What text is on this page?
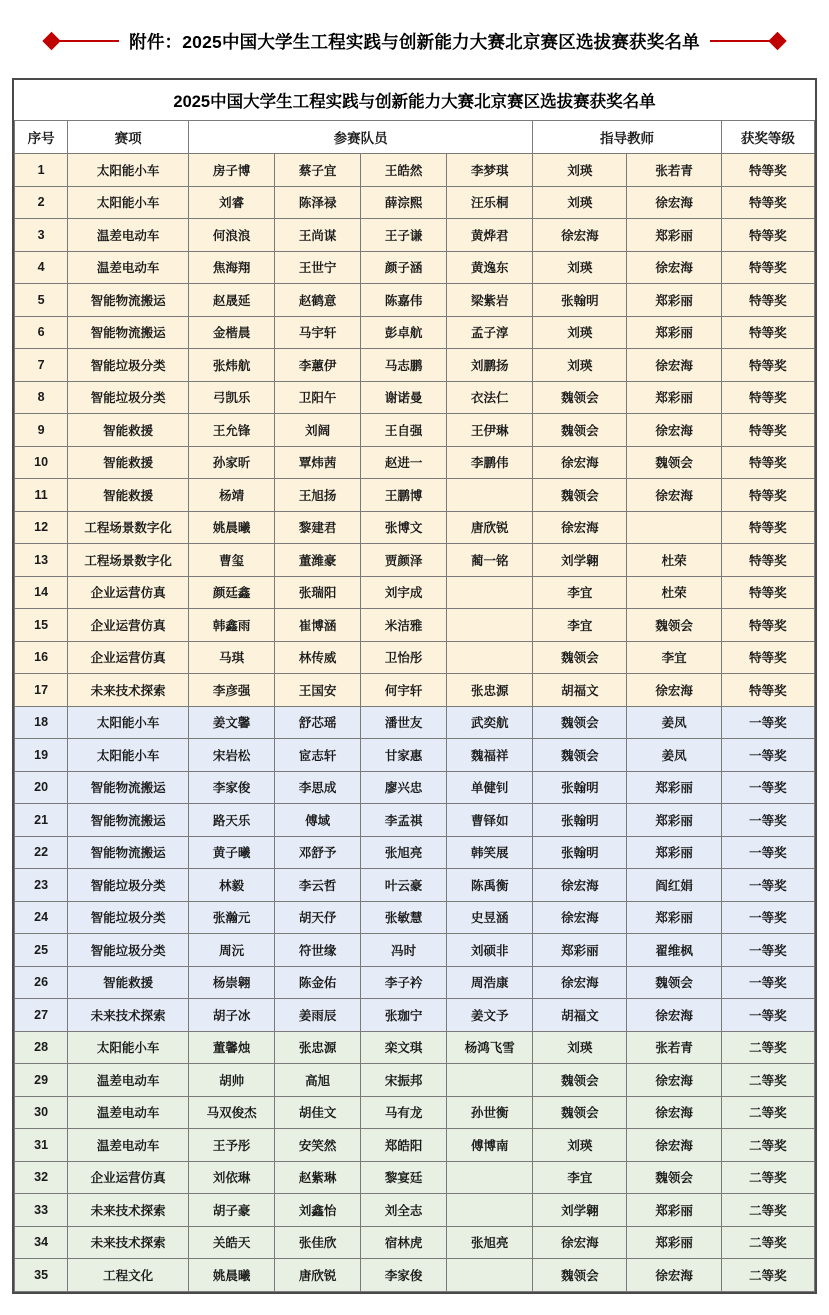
附件：2025中国大学生工程实践与创新能力大赛北京赛区选拔赛获奖名单
2025中国大学生工程实践与创新能力大赛北京赛区选拔赛获奖名单								
序号	赛项	参赛队员				指导教师		获奖等级
1	太阳能小车	房子博	蔡子宜	王皓然	李梦琪	刘瑛	张若青	特等奖
2	太阳能小车	刘睿	陈泽禄	薛淙熙	汪乐桐	刘瑛	徐宏海	特等奖
3	温差电动车	何浪浪	王尚谋	王子谦	黄烨君	徐宏海	郑彩丽	特等奖
4	温差电动车	焦海翔	王世宁	颜子涵	黄逸东	刘瑛	徐宏海	特等奖
5	智能物流搬运	赵晟延	赵鹤意	陈嘉伟	梁紫岩	张翰明	郑彩丽	特等奖
6	智能物流搬运	金楷晨	马宇轩	彭卓航	孟子淳	刘瑛	郑彩丽	特等奖
7	智能垃圾分类	张炜航	李蕙伊	马志鹏	刘鹏扬	刘瑛	徐宏海	特等奖
8	智能垃圾分类	弓凯乐	卫阳午	谢诺曼	衣法仁	魏领会	郑彩丽	特等奖
9	智能救援	王允锋	刘阔	王自强	王伊琳	魏领会	徐宏海	特等奖
10	智能救援	孙家昕	覃炜茜	赵进一	李鹏伟	徐宏海	魏领会	特等奖
11	智能救援	杨靖	王旭扬	王鹏博		魏领会	徐宏海	特等奖
12	工程场景数字化	姚晨曦	黎建君	张博文	唐欣锐	徐宏海		特等奖
13	工程场景数字化	曹玺	董潍豪	贾颜泽	蔺一铭	刘学翱	杜荣	特等奖
14	企业运营仿真	颜廷鑫	张瑞阳	刘宇成		李宜	杜荣	特等奖
15	企业运营仿真	韩鑫雨	崔博涵	米洁雅		李宜	魏领会	特等奖
16	企业运营仿真	马琪	林传威	卫怡彤		魏领会	李宜	特等奖
17	未来技术探索	李彦强	王国安	何宇轩	张忠源	胡福文	徐宏海	特等奖
18	太阳能小车	姜文馨	舒芯瑶	潘世友	武奕航	魏领会	姜凤	一等奖
19	太阳能小车	宋岩松	宧志轩	甘家惠	魏福祥	魏领会	姜凤	一等奖
20	智能物流搬运	李家俊	李思成	廖兴忠	单健钊	张翰明	郑彩丽	一等奖
21	智能物流搬运	路天乐	傅域	李孟祺	曹铎如	张翰明	郑彩丽	一等奖
22	智能物流搬运	黄子曦	邓舒予	张旭亮	韩笑展	张翰明	郑彩丽	一等奖
23	智能垃圾分类	林毅	李云哲	叶云豪	陈禹衡	徐宏海	阎红娟	一等奖
24	智能垃圾分类	张瀚元	胡天伃	张敏慧	史昱涵	徐宏海	郑彩丽	一等奖
25	智能垃圾分类	周沅	符世缘	冯时	刘硕非	郑彩丽	翟维枫	一等奖
26	智能救援	杨崇翱	陈金佑	李子衿	周浩康	徐宏海	魏领会	一等奖
27	未来技术探索	胡子冰	姜雨辰	张珈宁	姜文予	胡福文	徐宏海	一等奖
28	太阳能小车	董馨烛	张忠源	栾文琪	杨鸿飞雪	刘瑛	张若青	二等奖
29	温差电动车	胡帅	高旭	宋振邦		魏领会	徐宏海	二等奖
30	温差电动车	马双俊杰	胡佳文	马有龙	孙世衡	魏领会	徐宏海	二等奖
31	温差电动车	王予彤	安笑然	郑皓阳	傅博南	刘瑛	徐宏海	二等奖
32	企业运营仿真	刘依琳	赵紫琳	黎宴廷		李宜	魏领会	二等奖
33	未来技术探索	胡子豪	刘鑫怡	刘全志		刘学翱	郑彩丽	二等奖
34	未来技术探索	关皓天	张佳欣	宿林虎	张旭亮	徐宏海	郑彩丽	二等奖
35	工程文化	姚晨曦	唐欣锐	李家俊		魏领会	徐宏海	二等奖
